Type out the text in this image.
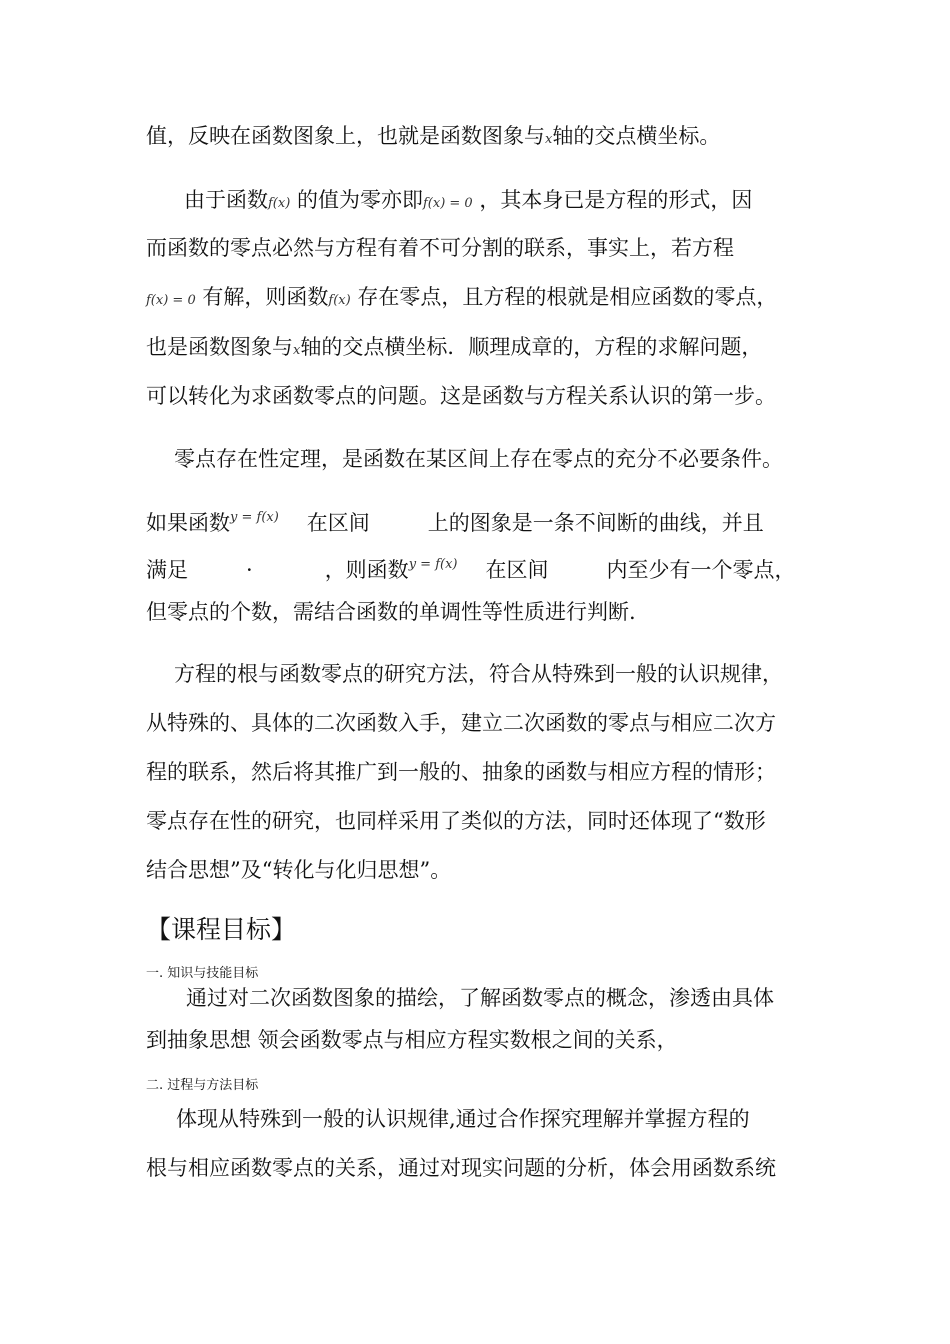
值，反映在函数图象上，也就是函数图象与x轴的交点横坐标。
由于函数f(x) 的值为零亦即f(x) = 0 ，其本身已是方程的形式，因
而函数的零点必然与方程有着不可分割的联系，事实上，若方程
f(x) = 0 有解，则函数f(x) 存在零点，且方程的根就是相应函数的零点，
也是函数图象与x轴的交点横坐标．顺理成章的，方程的求解问题，
可以转化为求函数零点的问题。这是函数与方程关系认识的第一步。
零点存在性定理，是函数在某区间上存在零点的充分不必要条件。
如果函数y = f(x) 在区间	上的图象是一条不间断的曲线，并且
满足	·	，则函数y = f(x) 在区间	内至少有一个零点，
但零点的个数，需结合函数的单调性等性质进行判断.
方程的根与函数零点的研究方法，符合从特殊到一般的认识规律，
从特殊的、具体的二次函数入手，建立二次函数的零点与相应二次方
程的联系，然后将其推广到一般的、抽象的函数与相应方程的情形；
零点存在性的研究，也同样采用了类似的方法，同时还体现了“数形
结合思想”及“转化与化归思想”。
【课程目标】
一. 知识与技能目标
通过对二次函数图象的描绘，了解函数零点的概念，渗透由具体
到抽象思想 领会函数零点与相应方程实数根之间的关系，
二. 过程与方法目标
体现从特殊到一般的认识规律,通过合作探究理解并掌握方程的
根与相应函数零点的关系，通过对现实问题的分析，体会用函数系统
